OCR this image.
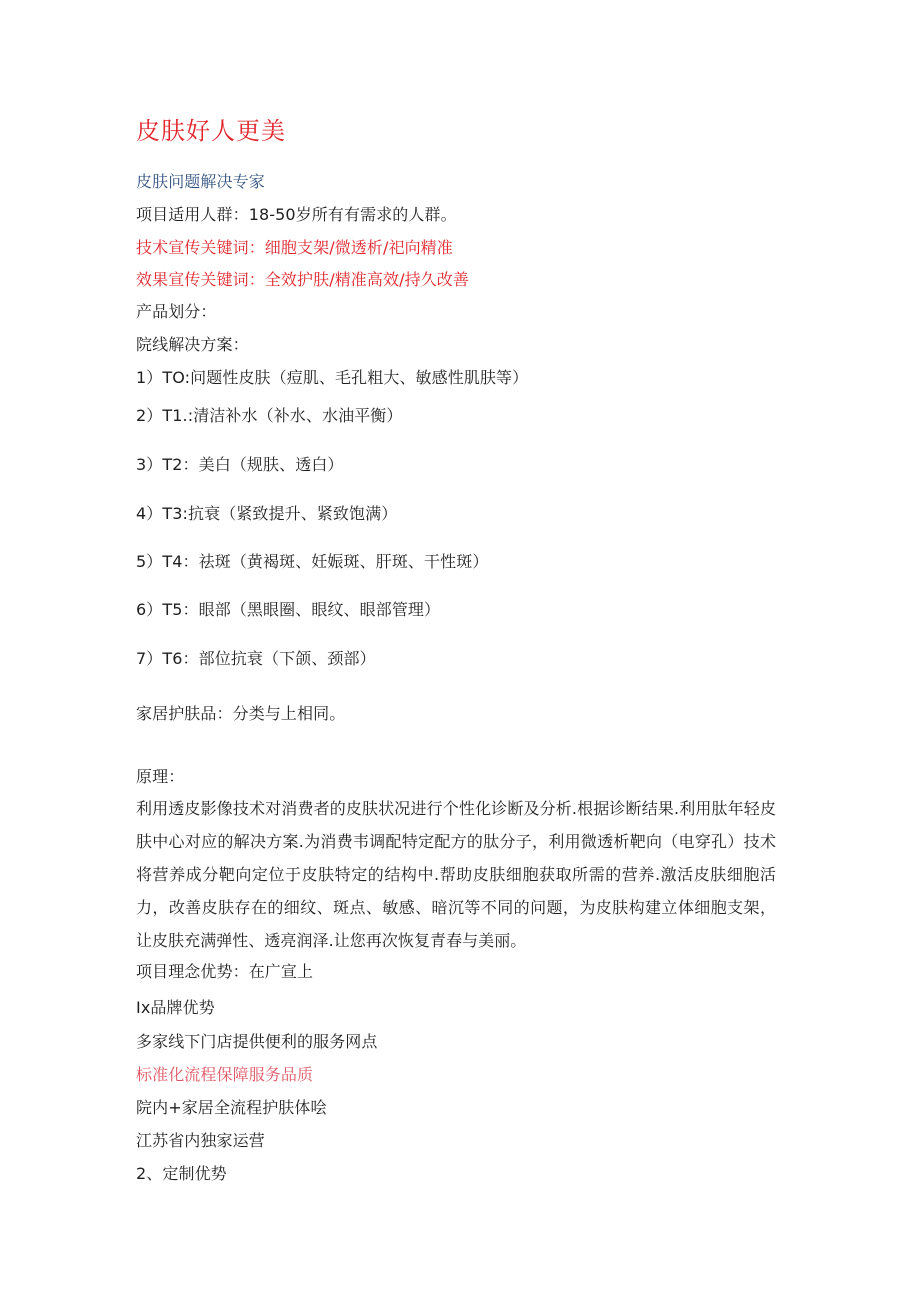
皮肤好人更美
皮肤问题解决专家
项目适用人群：18-50岁所有有需求的人群。
技术宣传关键词：细胞支架/微透析/祀向精准
效果宣传关键词：全效护肤/精准高效/持久改善
产品划分：
院线解决方案：
1）TO:问题性皮肤（痘肌、毛孔粗大、敏感性肌肤等）
2）T1.:清洁补水（补水、水油平衡）
3）T2：美白（规肤、透白）
4）T3:抗衰（紧致提升、紧致饱满）
5）T4：祛斑（黄褐斑、妊娠斑、肝斑、干性斑）
6）T5：眼部（黑眼圈、眼纹、眼部管理）
7）T6：部位抗衰（下颌、颈部）
家居护肤品：分类与上相同。
原理：
利用透皮影像技术对消费者的皮肤状况进行个性化诊断及分析.根据诊断结果.利用肽年轻皮肤中心对应的解决方案.为消费韦调配特定配方的肽分子，利用微透析靶向（电穿孔）技术将营养成分靶向定位于皮肤特定的结构中.帮助皮肤细胞获取所需的营养.激活皮肤细胞活力，改善皮肤存在的细纹、斑点、敏感、暗沉等不同的问题，为皮肤构建立体细胞支架，让皮肤充满弹性、透亮润泽.让您再次恢复青春与美丽。
项目理念优势：在广宣上
Ix品牌优势
多家线下门店提供便利的服务网点
标准化流程保障服务品质
院内+家居全流程护肤体哙
江苏省内独家运营
2、定制优势
